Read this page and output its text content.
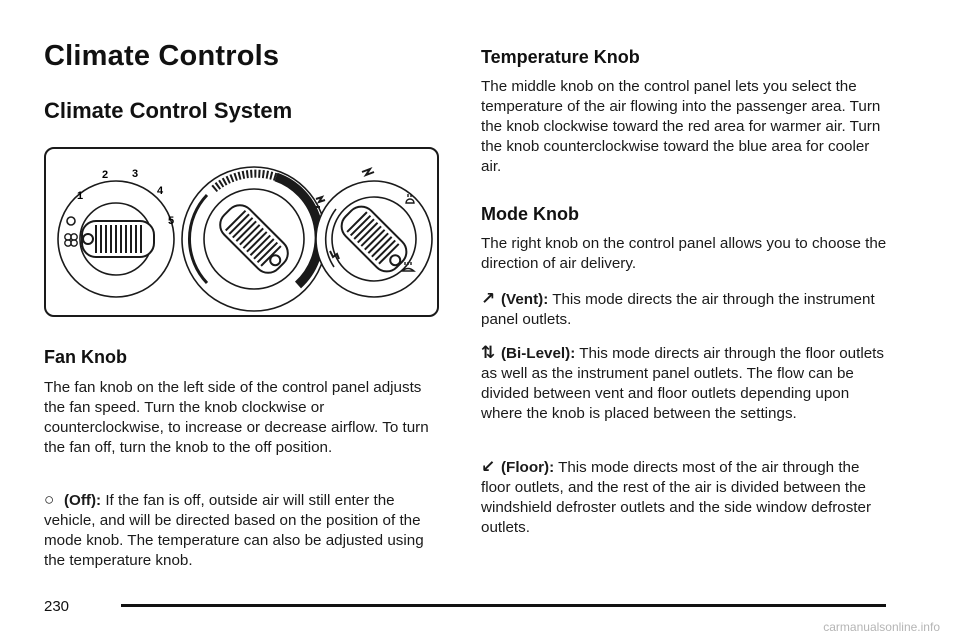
Climate Controls
Climate Control System
1
2 3
4
5
Fan Knob

The fan knob on the left side of the control panel adjusts the fan speed. Turn the knob clockwise or counterclockwise, to increase or decrease airflow. To turn the fan off, turn the knob to the off position.

○ (Off): If the fan is off, outside air will still enter the vehicle, and will be directed based on the position of the mode knob. The temperature can also be adjusted using the temperature knob.

Temperature Knob

The middle knob on the control panel lets you select the temperature of the air flowing into the passenger area. Turn the knob clockwise toward the red area for warmer air. Turn the knob counterclockwise toward the blue area for cooler air.

Mode Knob

The right knob on the control panel allows you to choose the direction of air delivery.

↗ (Vent): This mode directs the air through the instrument panel outlets.

⇅ (Bi-Level): This mode directs air through the floor outlets as well as the instrument panel outlets. The flow can be divided between vent and floor outlets depending upon where the knob is placed between the settings.

↙ (Floor): This mode directs most of the air through the floor outlets, and the rest of the air is divided between the windshield defroster outlets and the side window defroster outlets.

230
carmanualsonline.info
